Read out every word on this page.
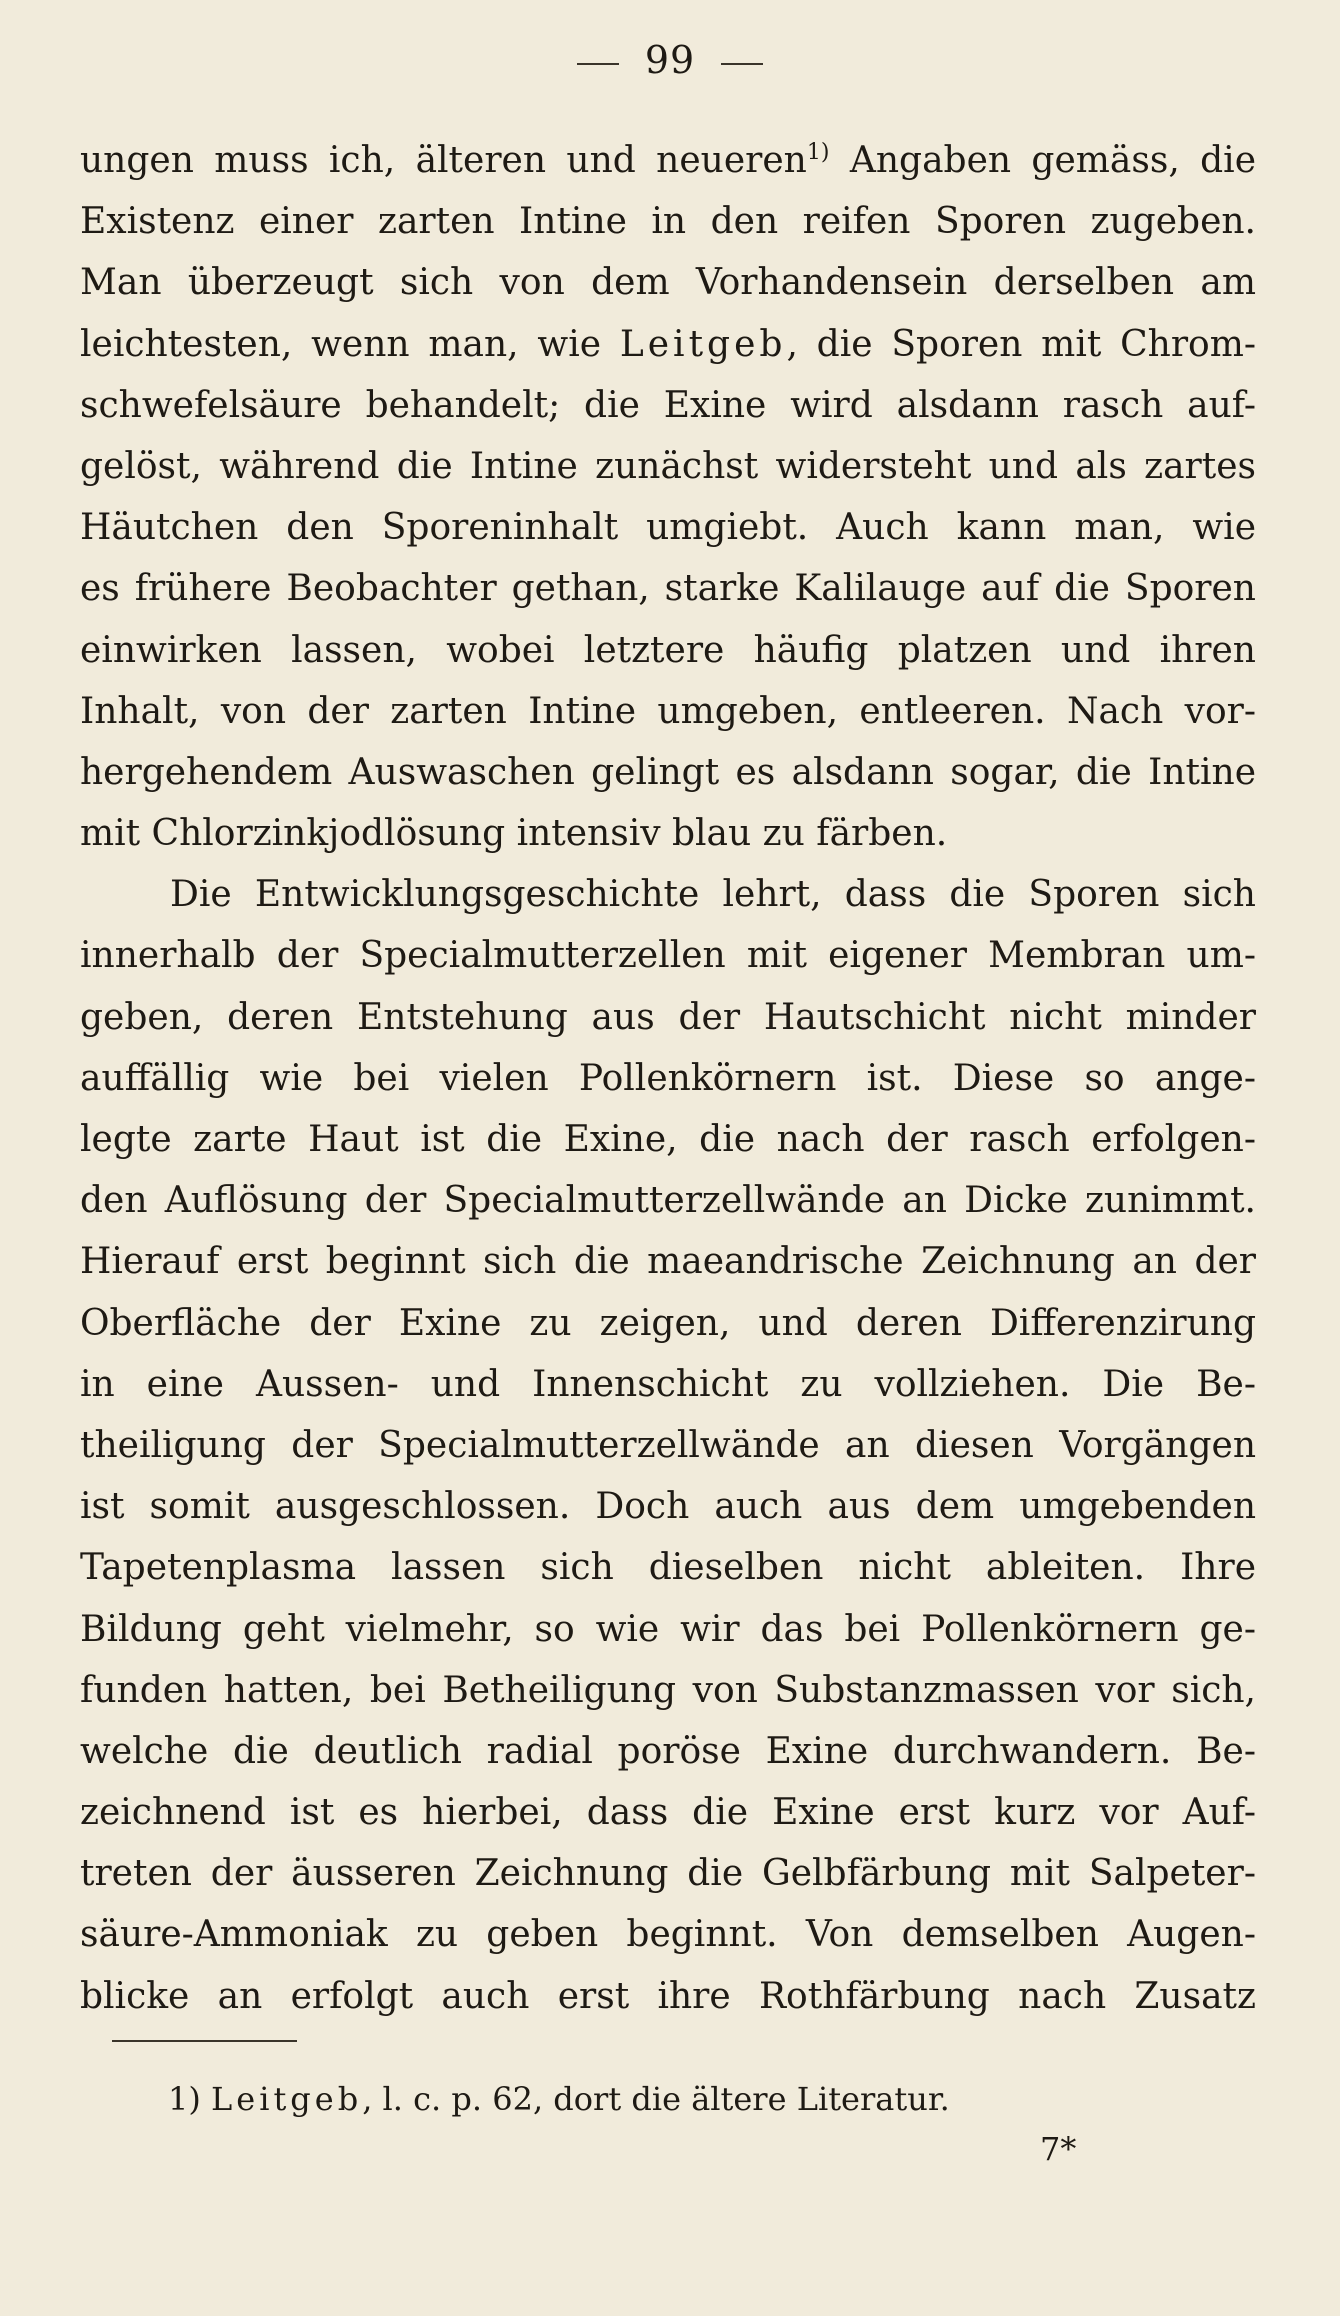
99
ungen muss ich, älteren und neueren$^{1)}$ Angaben gemäss, die
Existenz einer zarten Intine in den reifen Sporen zugeben.
Man überzeugt sich von dem Vorhandensein derselben am
leichtesten, wenn man, wie Leitgeb, die Sporen mit Chrom-
schwefelsäure behandelt; die Exine wird alsdann rasch auf-
gelöst, während die Intine zunächst widersteht und als zartes
Häutchen den Sporeninhalt umgiebt. Auch kann man, wie
es frühere Beobachter gethan, starke Kalilauge auf die Sporen
einwirken lassen, wobei letztere häufig platzen und ihren
Inhalt, von der zarten Intine umgeben, entleeren. Nach vor-
hergehendem Auswaschen gelingt es alsdann sogar, die Intine
mit Chlorzinkjodlösung intensiv blau zu färben.
Die Entwicklungsgeschichte lehrt, dass die Sporen sich
innerhalb der Specialmutterzellen mit eigener Membran um-
geben, deren Entstehung aus der Hautschicht nicht minder
auffällig wie bei vielen Pollenkörnern ist. Diese so ange-
legte zarte Haut ist die Exine, die nach der rasch erfolgen-
den Auflösung der Specialmutterzellwände an Dicke zunimmt.
Hierauf erst beginnt sich die maeandrische Zeichnung an der
Oberfläche der Exine zu zeigen, und deren Differenzirung
in eine Aussen- und Innenschicht zu vollziehen. Die Be-
theiligung der Specialmutterzellwände an diesen Vorgängen
ist somit ausgeschlossen. Doch auch aus dem umgebenden
Tapetenplasma lassen sich dieselben nicht ableiten. Ihre
Bildung geht vielmehr, so wie wir das bei Pollenkörnern ge-
funden hatten, bei Betheiligung von Substanzmassen vor sich,
welche die deutlich radial poröse Exine durchwandern. Be-
zeichnend ist es hierbei, dass die Exine erst kurz vor Auf-
treten der äusseren Zeichnung die Gelbfärbung mit Salpeter-
säure-Ammoniak zu geben beginnt. Von demselben Augen-
blicke an erfolgt auch erst ihre Rothfärbung nach Zusatz
1) Leitgeb, l. c. p. 62, dort die ältere Literatur.
7*
